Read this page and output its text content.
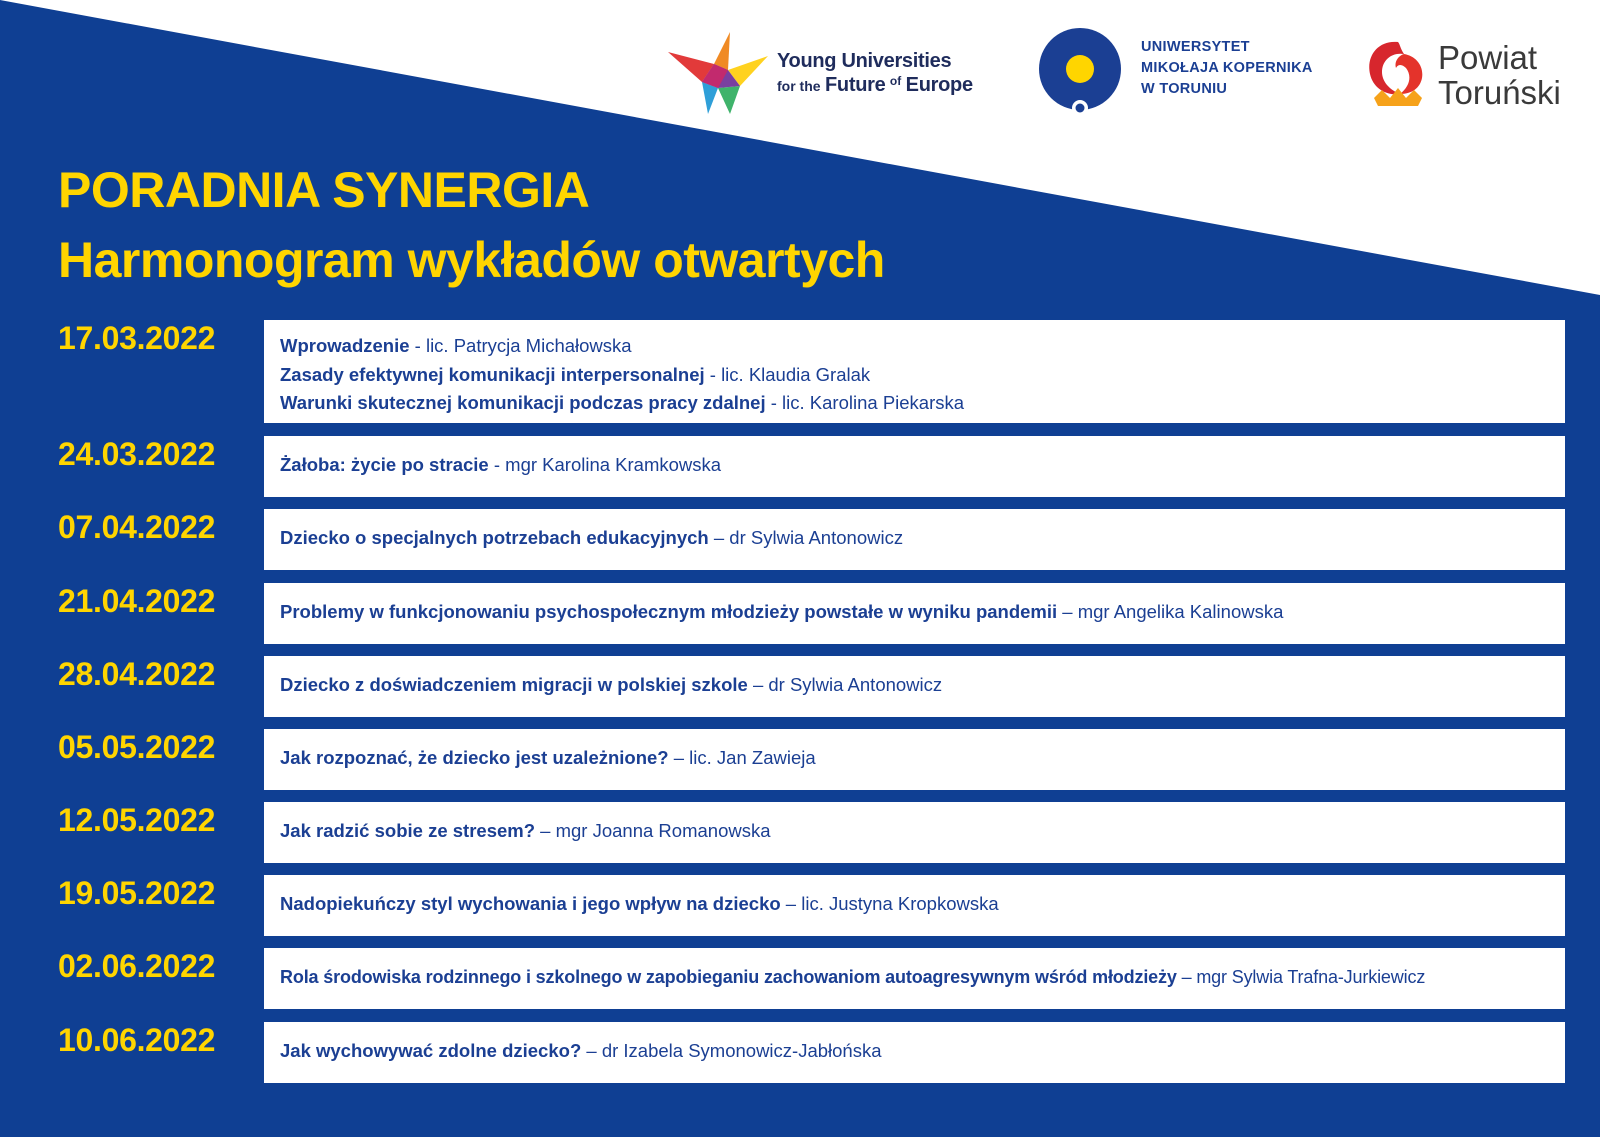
Young Universities
for the Future $^{of}$ Europe
UNIWERSYTET
MIKOŁAJA KOPERNIKA
W TORUNIU
Powiat
Toruński
PORADNIA SYNERGIA
Harmonogram wykładów otwartych
17.03.2022	Wprowadzenie - lic. Patrycja Michałowska
Zasady efektywnej komunikacji interpersonalnej - lic. Klaudia Gralak
Warunki skutecznej komunikacji podczas pracy zdalnej - lic. Karolina Piekarska
24.03.2022	Żałoba: życie po stracie - mgr Karolina Kramkowska
07.04.2022	Dziecko o specjalnych potrzebach edukacyjnych – dr Sylwia Antonowicz
21.04.2022	Problemy w funkcjonowaniu psychospołecznym młodzieży powstałe w wyniku pandemii – mgr Angelika Kalinowska
28.04.2022	Dziecko z doświadczeniem migracji w polskiej szkole – dr Sylwia Antonowicz
05.05.2022	Jak rozpoznać, że dziecko jest uzależnione? – lic. Jan Zawieja
12.05.2022	Jak radzić sobie ze stresem? – mgr Joanna Romanowska
19.05.2022	Nadopiekuńczy styl wychowania i jego wpływ na dziecko – lic. Justyna Kropkowska
02.06.2022	Rola środowiska rodzinnego i szkolnego w zapobieganiu zachowaniom autoagresywnym wśród młodzieży – mgr Sylwia Trafna-Jurkiewicz
10.06.2022	Jak wychowywać zdolne dziecko? – dr Izabela Symonowicz-Jabłońska
